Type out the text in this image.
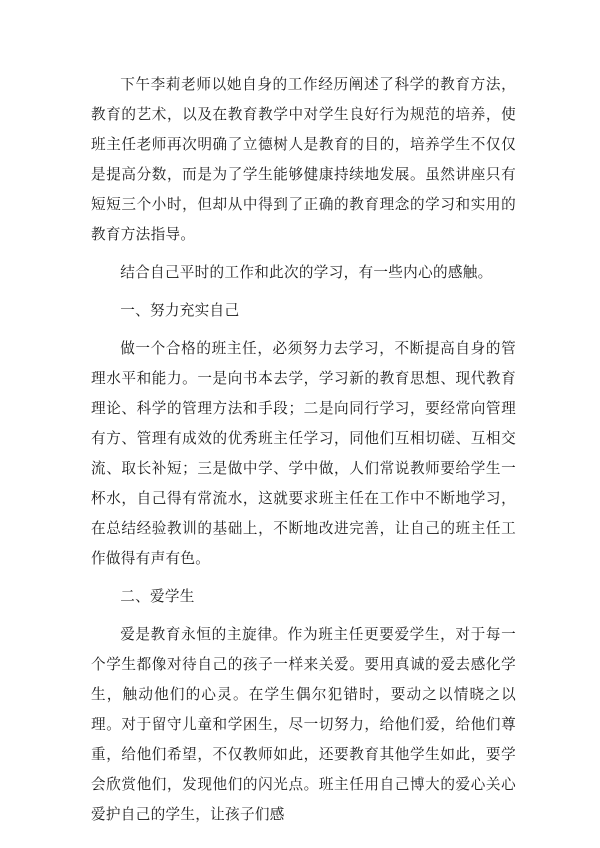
下午李莉老师以她自身的工作经历阐述了科学的教育方法，教育的艺术，以及在教育教学中对学生良好行为规范的培养，使班主任老师再次明确了立德树人是教育的目的，培养学生不仅仅是提高分数，而是为了学生能够健康持续地发展。虽然讲座只有短短三个小时，但却从中得到了正确的教育理念的学习和实用的教育方法指导。

结合自己平时的工作和此次的学习，有一些内心的感触。

一、努力充实自己

做一个合格的班主任，必须努力去学习，不断提高自身的管理水平和能力。一是向书本去学，学习新的教育思想、现代教育理论、科学的管理方法和手段；二是向同行学习，要经常向管理有方、管理有成效的优秀班主任学习，同他们互相切磋、互相交流、取长补短；三是做中学、学中做，人们常说教师要给学生一杯水，自己得有常流水，这就要求班主任在工作中不断地学习，在总结经验教训的基础上，不断地改进完善，让自己的班主任工作做得有声有色。

二、爱学生

爱是教育永恒的主旋律。作为班主任更要爱学生，对于每一个学生都像对待自己的孩子一样来关爱。要用真诚的爱去感化学生，触动他们的心灵。在学生偶尔犯错时，要动之以情晓之以理。对于留守儿童和学困生，尽一切努力，给他们爱，给他们尊重，给他们希望，不仅教师如此，还要教育其他学生如此，要学会欣赏他们，发现他们的闪光点。班主任用自己博大的爱心关心爱护自己的学生，让孩子们感
